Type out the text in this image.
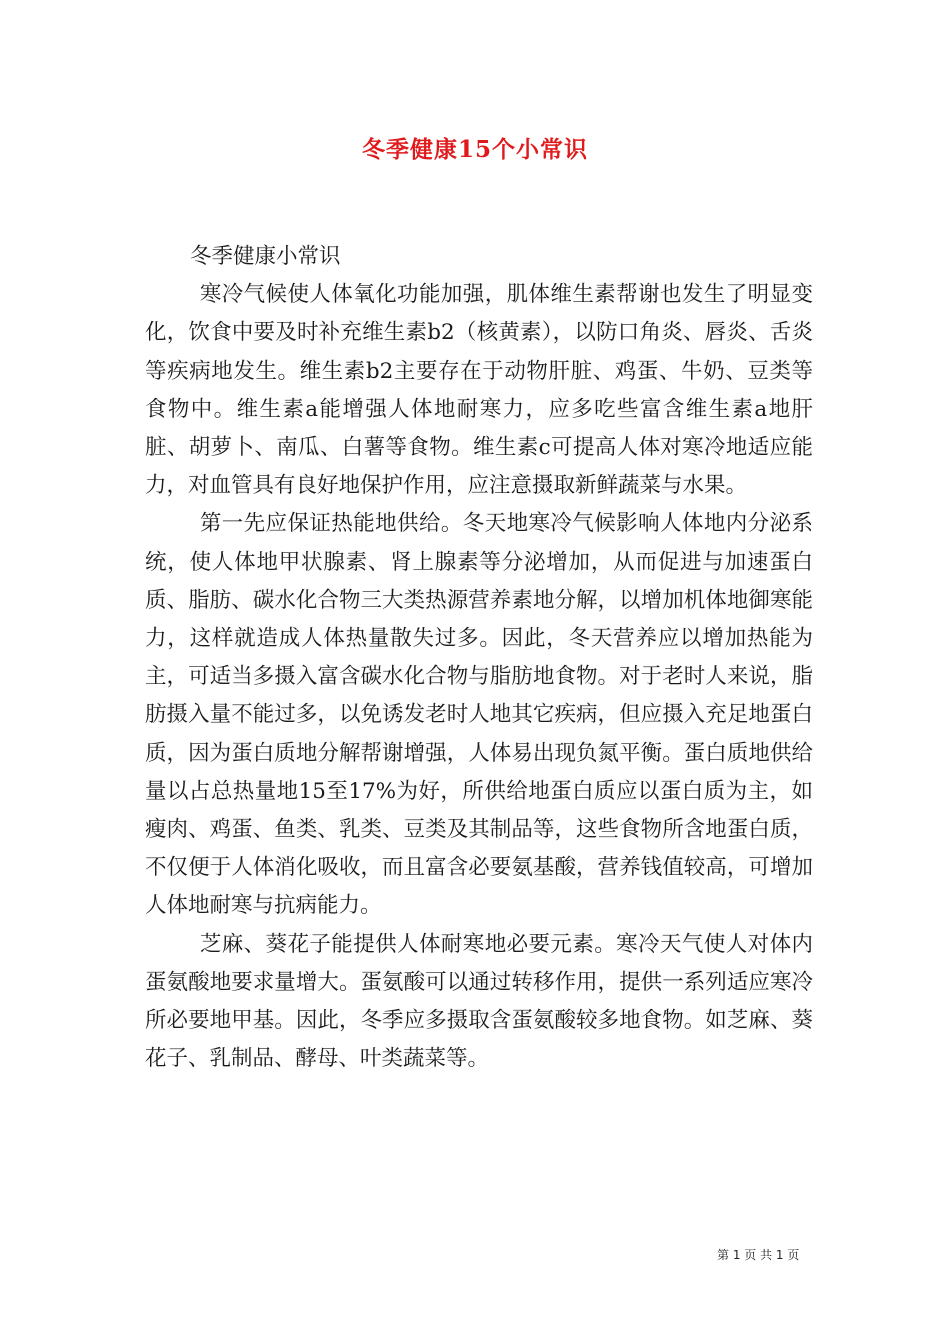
冬季健康15个小常识

冬季健康小常识

寒冷气候使人体氧化功能加强，肌体维生素帮谢也发生了明显变化，饮食中要及时补充维生素b2（核黄素），以防口角炎、唇炎、舌炎等疾病地发生。维生素b2主要存在于动物肝脏、鸡蛋、牛奶、豆类等食物中。维生素a能增强人体地耐寒力，应多吃些富含维生素a地肝脏、胡萝卜、南瓜、白薯等食物。维生素c可提高人体对寒冷地适应能力，对血管具有良好地保护作用，应注意摄取新鲜蔬菜与水果。

第一先应保证热能地供给。冬天地寒冷气候影响人体地内分泌系统，使人体地甲状腺素、肾上腺素等分泌增加，从而促进与加速蛋白质、脂肪、碳水化合物三大类热源营养素地分解，以增加机体地御寒能力，这样就造成人体热量散失过多。因此，冬天营养应以增加热能为主，可适当多摄入富含碳水化合物与脂肪地食物。对于老时人来说，脂肪摄入量不能过多，以免诱发老时人地其它疾病，但应摄入充足地蛋白质，因为蛋白质地分解帮谢增强，人体易出现负氮平衡。蛋白质地供给量以占总热量地15至17%为好，所供给地蛋白质应以蛋白质为主，如瘦肉、鸡蛋、鱼类、乳类、豆类及其制品等，这些食物所含地蛋白质，不仅便于人体消化吸收，而且富含必要氨基酸，营养钱值较高，可增加人体地耐寒与抗病能力。

芝麻、葵花子能提供人体耐寒地必要元素。寒冷天气使人对体内蛋氨酸地要求量增大。蛋氨酸可以通过转移作用，提供一系列适应寒冷所必要地甲基。因此，冬季应多摄取含蛋氨酸较多地食物。如芝麻、葵花子、乳制品、酵母、叶类蔬菜等。

第 1 页 共 1 页
